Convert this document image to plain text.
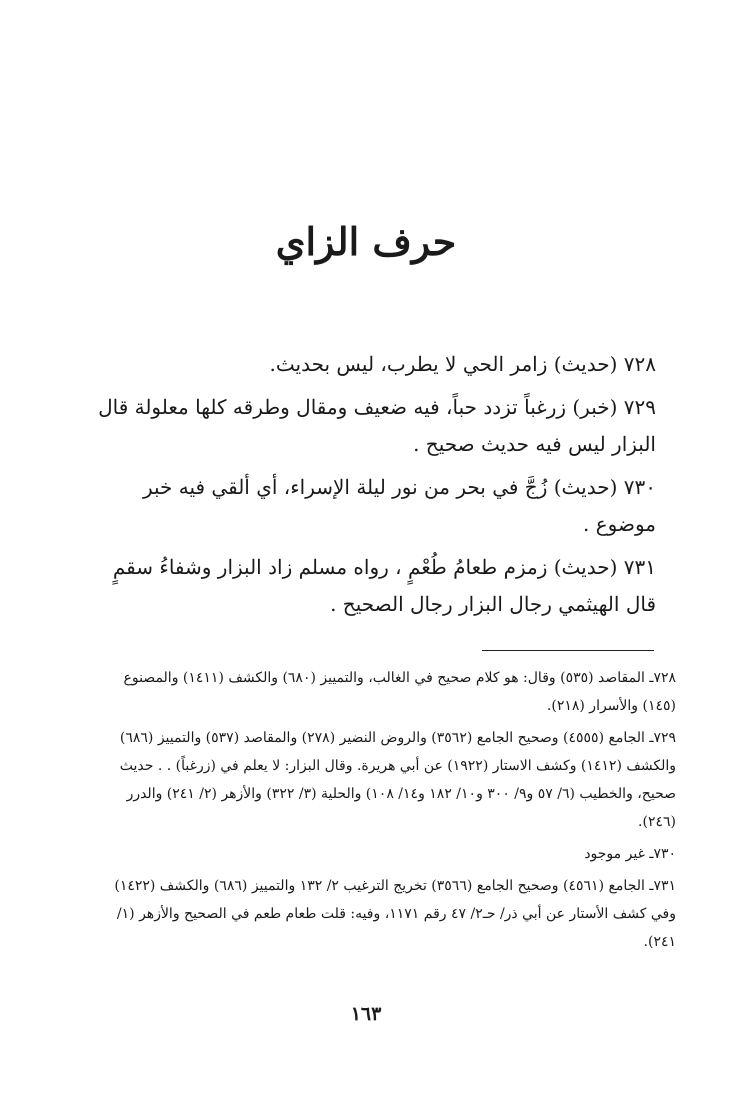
حرف الزاي

٧٢٨ (حديث) زامر الحي لا يطرب، ليس بحديث.

٧٢٩ (خبر) زرغباً تزدد حباً، فيه ضعيف ومقال وطرقه كلها معلولة قال البزار ليس فيه حديث صحيح .

٧٣٠ (حديث) زُجَّ في بحر من نور ليلة الإسراء، أي ألقي فيه خبر موضوع .

٧٣١ (حديث) زمزم طعامُ طُعْمٍ ، رواه مسلم زاد البزار وشفاءُ سقمٍ قال الهيثمي رجال البزار رجال الصحيح .

٧٢٨ـ المقاصد (٥٣٥) وقال: هو كلام صحيح في الغالب، والتمييز (٦٨٠) والكشف (١٤١١) والمصنوع (١٤٥) والأسرار (٢١٨).

٧٢٩ـ الجامع (٤٥٥٥) وصحيح الجامع (٣٥٦٢) والروض النضير (٢٧٨) والمقاصد (٥٣٧) والتمييز (٦٨٦) والكشف (١٤١٢) وكشف الاستار (١٩٢٢) عن أبي هريرة. وقال البزار: لا يعلم في (زرغباً) . . حديث صحيح، والخطيب (٦/ ٥٧ و٩/ ٣٠٠ و١٠/ ١٨٢ و١٤/ ١٠٨) والحلية (٣/ ٣٢٢) والأزهر (٢/ ٢٤١) والدرر (٢٤٦).

٧٣٠ـ غير موجود

٧٣١ـ الجامع (٤٥٦١) وصحيح الجامع (٣٥٦٦) تخريج الترغيب ٢/ ١٣٢ والتمييز (٦٨٦) والكشف (١٤٢٢) وفي كشف الأستار عن أبي ذر/ حـ٢/ ٤٧ رقم ١١٧١، وفيه: قلت طعام طعم في الصحيح والأزهر (١/ ٢٤١).

١٦٣
